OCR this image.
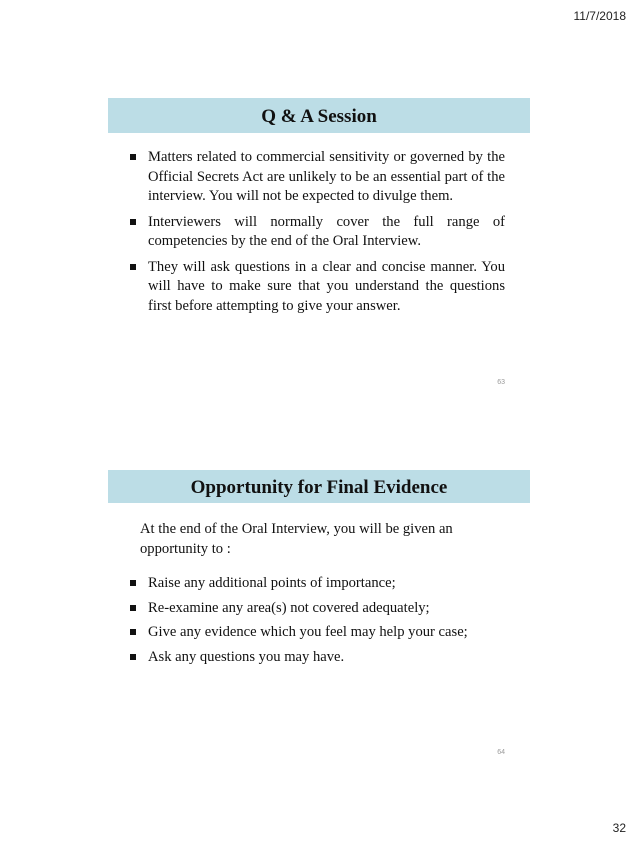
11/7/2018
Q & A Session
Matters related to commercial sensitivity or governed by the Official Secrets Act are unlikely to be an essential part of the interview. You will not be expected to divulge them.
Interviewers will normally cover the full range of competencies by the end of the Oral Interview.
They will ask questions in a clear and concise manner. You will have to make sure that you understand the questions first before attempting to give your answer.
63
Opportunity for Final Evidence
At the end of the Oral Interview, you will be given an opportunity to :
Raise any additional points of importance;
Re-examine any area(s) not covered adequately;
Give any evidence which you feel may help your case;
Ask any questions you may have.
64
32
